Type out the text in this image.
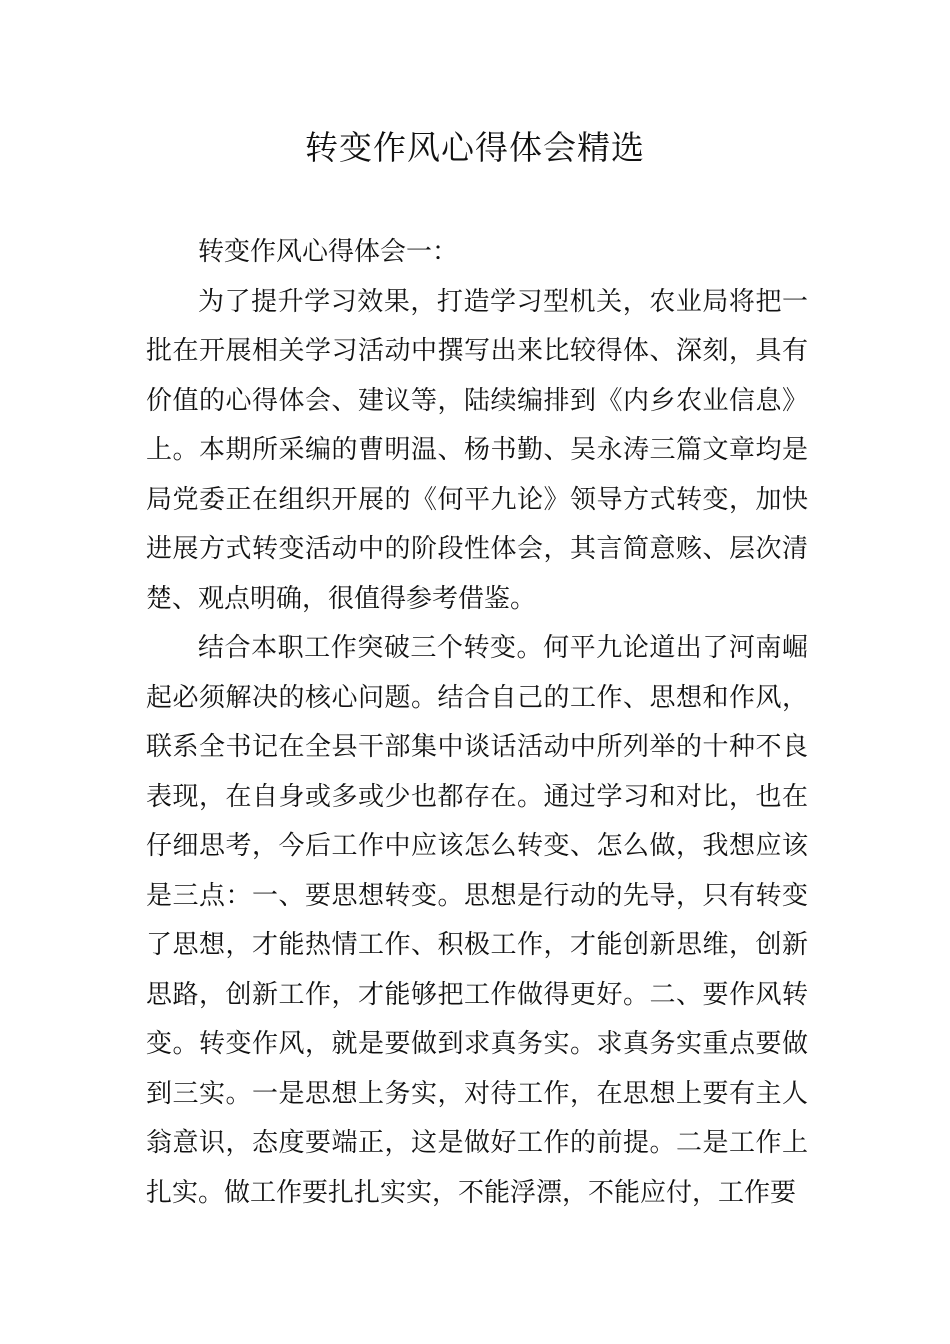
转变作风心得体会精选

转变作风心得体会一：

为了提升学习效果，打造学习型机关，农业局将把一批在开展相关学习活动中撰写出来比较得体、深刻，具有价值的心得体会、建议等，陆续编排到《内乡农业信息》上。本期所采编的曹明温、杨书勤、吴永涛三篇文章均是局党委正在组织开展的《何平九论》领导方式转变，加快进展方式转变活动中的阶段性体会，其言简意赅、层次清楚、观点明确，很值得参考借鉴。

结合本职工作突破三个转变。何平九论道出了河南崛起必须解决的核心问题。结合自己的工作、思想和作风，联系全书记在全县干部集中谈话活动中所列举的十种不良表现，在自身或多或少也都存在。通过学习和对比，也在仔细思考，今后工作中应该怎么转变、怎么做，我想应该是三点：一、要思想转变。思想是行动的先导，只有转变了思想，才能热情工作、积极工作，才能创新思维，创新思路，创新工作，才能够把工作做得更好。二、要作风转变。转变作风，就是要做到求真务实。求真务实重点要做到三实。一是思想上务实，对待工作，在思想上要有主人翁意识，态度要端正，这是做好工作的前提。二是工作上扎实。做工作要扎扎实实，不能浮漂，不能应付，工作要
